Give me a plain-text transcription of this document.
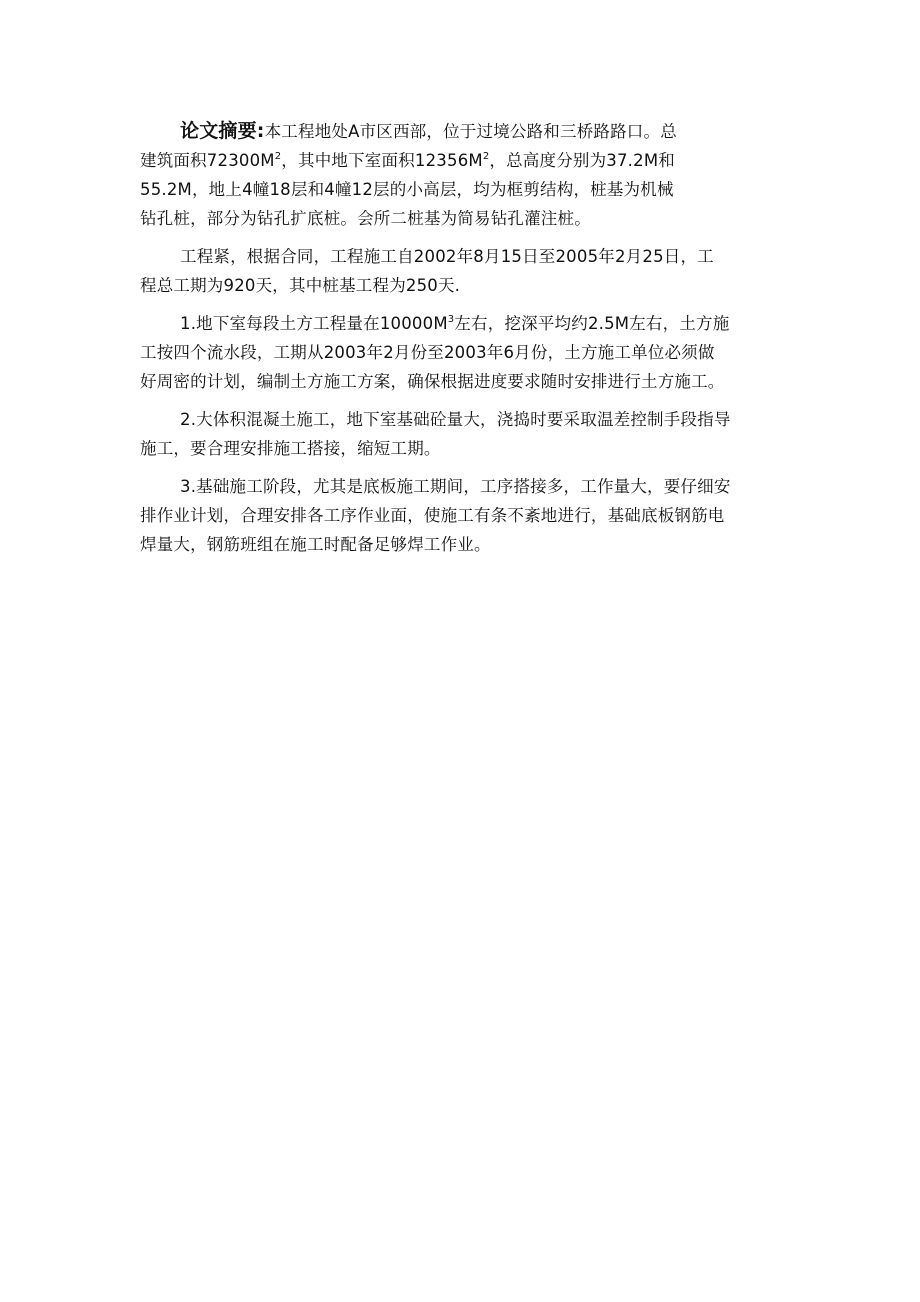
论文摘要:本工程地处A市区西部，位于过境公路和三桥路路口。总
建筑面积$72300M^2$，其中地下室面积$12356M^2$，总高度分别为37.2M和
55.2M，地上4幢18层和4幢12层的小高层，均为框剪结构，桩基为机械
钻孔桩，部分为钻孔扩底桩。会所二桩基为简易钻孔灌注桩。
工程紧，根据合同，工程施工自2002年8月15日至2005年2月25日，工
程总工期为920天，其中桩基工程为250天.
1.地下室每段土方工程量在$10000M^3$左右，挖深平均约2.5M左右，土方施
工按四个流水段，工期从2003年2月份至2003年6月份，土方施工单位必须做
好周密的计划，编制土方施工方案，确保根据进度要求随时安排进行土方施工。
2.大体积混凝土施工，地下室基础砼量大，浇捣时要采取温差控制手段指导
施工，要合理安排施工搭接，缩短工期。
3.基础施工阶段，尤其是底板施工期间，工序搭接多，工作量大，要仔细安
排作业计划，合理安排各工序作业面，使施工有条不紊地进行，基础底板钢筋电
焊量大，钢筋班组在施工时配备足够焊工作业。
